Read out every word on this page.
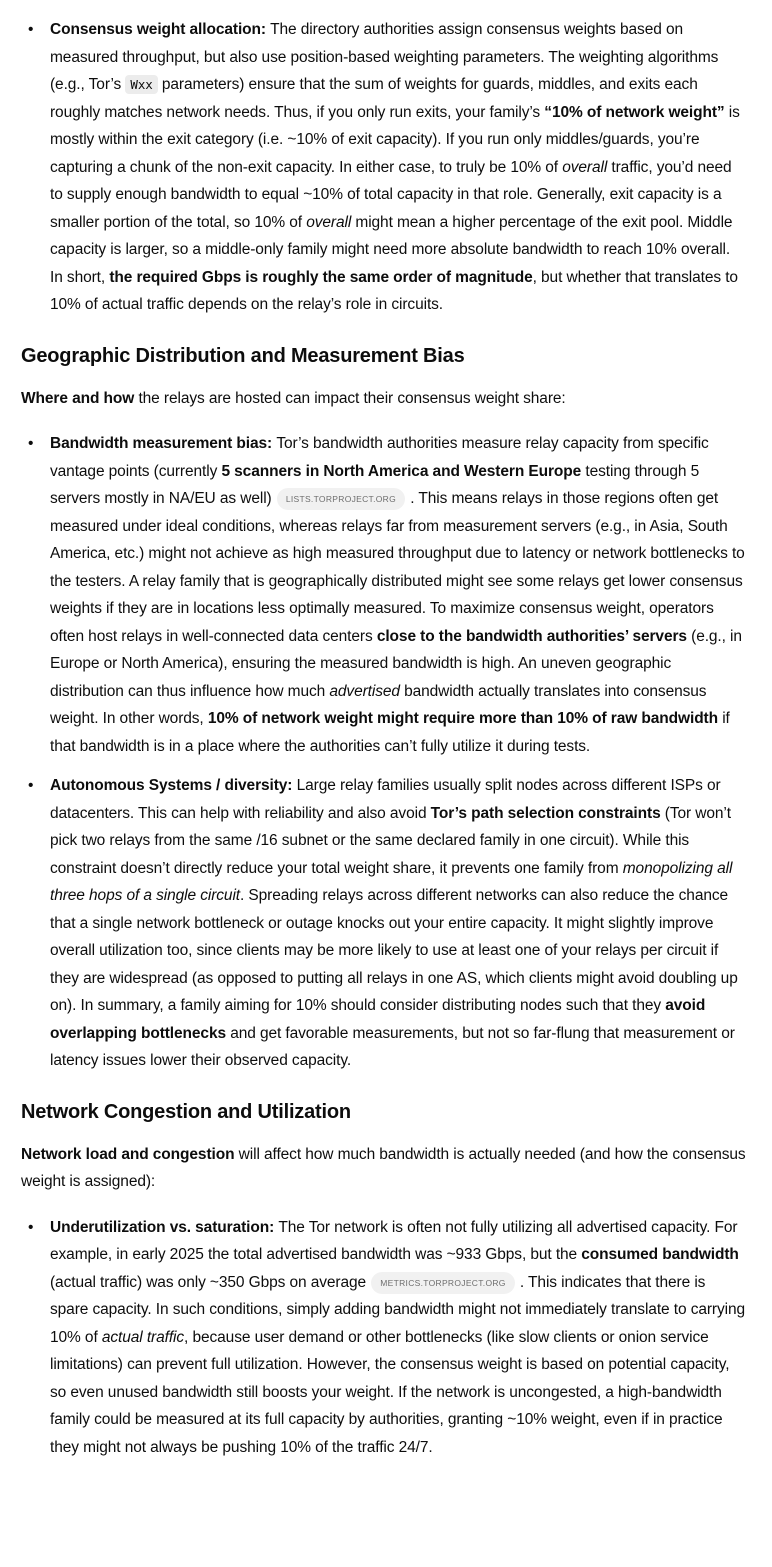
• Consensus weight allocation: The directory authorities assign consensus weights based on measured throughput, but also use position-based weighting parameters. The weighting algorithms (e.g., Tor’s Wxx parameters) ensure that the sum of weights for guards, middles, and exits each roughly matches network needs. Thus, if you only run exits, your family’s “10% of network weight” is mostly within the exit category (i.e. ~10% of exit capacity). If you run only middles/guards, you’re capturing a chunk of the non-exit capacity. In either case, to truly be 10% of overall traffic, you’d need to supply enough bandwidth to equal ~10% of total capacity in that role. Generally, exit capacity is a smaller portion of the total, so 10% of overall might mean a higher percentage of the exit pool. Middle capacity is larger, so a middle-only family might need more absolute bandwidth to reach 10% overall. In short, the required Gbps is roughly the same order of magnitude, but whether that translates to 10% of actual traffic depends on the relay’s role in circuits.
Geographic Distribution and Measurement Bias

Where and how the relays are hosted can impact their consensus weight share:

• Bandwidth measurement bias: Tor’s bandwidth authorities measure relay capacity from specific vantage points (currently 5 scanners in North America and Western Europe testing through 5 servers mostly in NA/EU as well) LISTS.TORPROJECT.ORG . This means relays in those regions often get measured under ideal conditions, whereas relays far from measurement servers (e.g., in Asia, South America, etc.) might not achieve as high measured throughput due to latency or network bottlenecks to the testers. A relay family that is geographically distributed might see some relays get lower consensus weights if they are in locations less optimally measured. To maximize consensus weight, operators often host relays in well-connected data centers close to the bandwidth authorities’ servers (e.g., in Europe or North America), ensuring the measured bandwidth is high. An uneven geographic distribution can thus influence how much advertised bandwidth actually translates into consensus weight. In other words, 10% of network weight might require more than 10% of raw bandwidth if that bandwidth is in a place where the authorities can’t fully utilize it during tests.
• Autonomous Systems / diversity: Large relay families usually split nodes across different ISPs or datacenters. This can help with reliability and also avoid Tor’s path selection constraints (Tor won’t pick two relays from the same /16 subnet or the same declared family in one circuit). While this constraint doesn’t directly reduce your total weight share, it prevents one family from monopolizing all three hops of a single circuit. Spreading relays across different networks can also reduce the chance that a single network bottleneck or outage knocks out your entire capacity. It might slightly improve overall utilization too, since clients may be more likely to use at least one of your relays per circuit if they are widespread (as opposed to putting all relays in one AS, which clients might avoid doubling up on). In summary, a family aiming for 10% should consider distributing nodes such that they avoid overlapping bottlenecks and get favorable measurements, but not so far-flung that measurement or latency issues lower their observed capacity.
Network Congestion and Utilization

Network load and congestion will affect how much bandwidth is actually needed (and how the consensus weight is assigned):

• Underutilization vs. saturation: The Tor network is often not fully utilizing all advertised capacity. For example, in early 2025 the total advertised bandwidth was ~933 Gbps, but the consumed bandwidth (actual traffic) was only ~350 Gbps on average METRICS.TORPROJECT.ORG . This indicates that there is spare capacity. In such conditions, simply adding bandwidth might not immediately translate to carrying 10% of actual traffic, because user demand or other bottlenecks (like slow clients or onion service limitations) can prevent full utilization. However, the consensus weight is based on potential capacity, so even unused bandwidth still boosts your weight. If the network is uncongested, a high-bandwidth family could be measured at its full capacity by authorities, granting ~10% weight, even if in practice they might not always be pushing 10% of the traffic 24/7.
